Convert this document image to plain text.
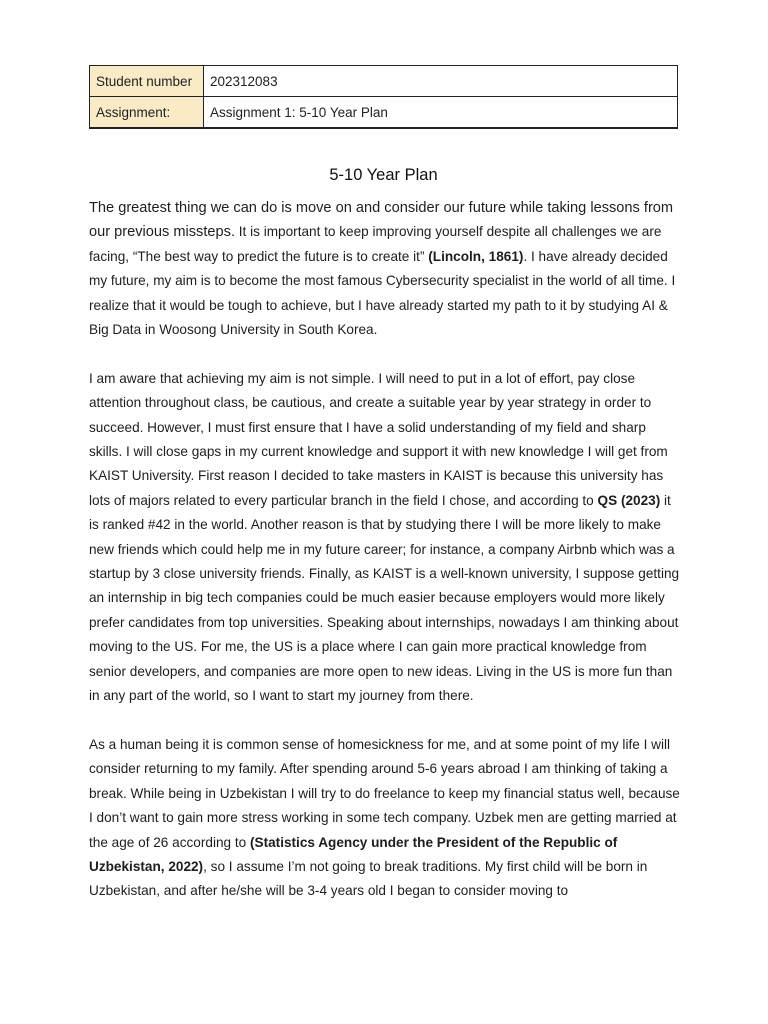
Student number	202312083
Assignment:	Assignment 1: 5-10 Year Plan
5-10 Year Plan

The greatest thing we can do is move on and consider our future while taking lessons from our previous missteps. It is important to keep improving yourself despite all challenges we are facing, “The best way to predict the future is to create it” (Lincoln, 1861). I have already decided my future, my aim is to become the most famous Cybersecurity specialist in the world of all time. I realize that it would be tough to achieve, but I have already started my path to it by studying AI & Big Data in Woosong University in South Korea.

I am aware that achieving my aim is not simple. I will need to put in a lot of effort, pay close attention throughout class, be cautious, and create a suitable year by year strategy in order to succeed. However, I must first ensure that I have a solid understanding of my field and sharp skills. I will close gaps in my current knowledge and support it with new knowledge I will get from KAIST University. First reason I decided to take masters in KAIST is because this university has lots of majors related to every particular branch in the field I chose, and according to QS (2023) it is ranked #42 in the world. Another reason is that by studying there I will be more likely to make new friends which could help me in my future career; for instance, a company Airbnb which was a startup by 3 close university friends. Finally, as KAIST is a well-known university, I suppose getting an internship in big tech companies could be much easier because employers would more likely prefer candidates from top universities. Speaking about internships, nowadays I am thinking about moving to the US. For me, the US is a place where I can gain more practical knowledge from senior developers, and companies are more open to new ideas. Living in the US is more fun than in any part of the world, so I want to start my journey from there.

As a human being it is common sense of homesickness for me, and at some point of my life I will consider returning to my family. After spending around 5-6 years abroad I am thinking of taking a break. While being in Uzbekistan I will try to do freelance to keep my financial status well, because I don’t want to gain more stress working in some tech company. Uzbek men are getting married at the age of 26 according to (Statistics Agency under the President of the Republic of Uzbekistan, 2022), so I assume I’m not going to break traditions. My first child will be born in Uzbekistan, and after he/she will be 3-4 years old I began to consider moving to
